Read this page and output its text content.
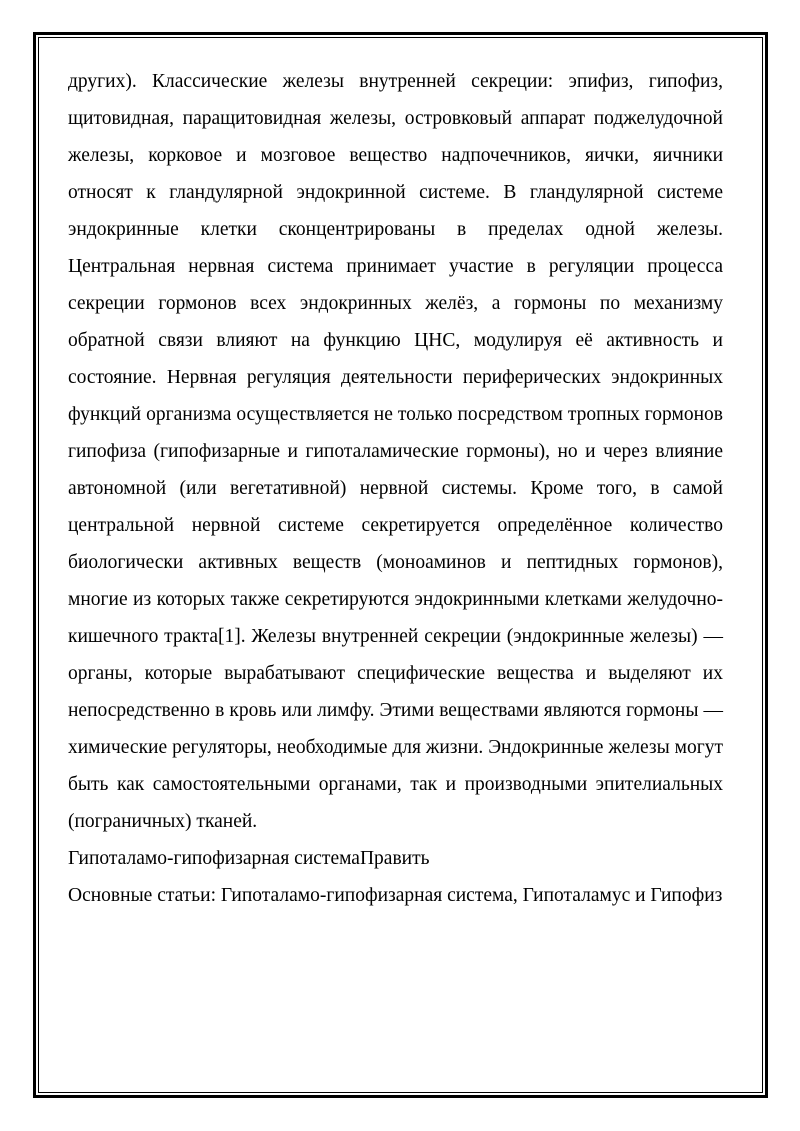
других). Классические железы внутренней секреции: эпифиз, гипофиз, щитовидная, паращитовидная железы, островковый аппарат поджелудочной железы, корковое и мозговое вещество надпочечников, яички, яичники относят к гландулярной эндокринной системе. В гландулярной системе эндокринные клетки сконцентрированы в пределах одной железы. Центральная нервная система принимает участие в регуляции процесса секреции гормонов всех эндокринных желёз, а гормоны по механизму обратной связи влияют на функцию ЦНС, модулируя её активность и состояние. Нервная регуляция деятельности периферических эндокринных функций организма осуществляется не только посредством тропных гормонов гипофиза (гипофизарные и гипоталамические гормоны), но и через влияние автономной (или вегетативной) нервной системы. Кроме того, в самой центральной нервной системе секретируется определённое количество биологически активных веществ (моноаминов и пептидных гормонов), многие из которых также секретируются эндокринными клетками желудочно-кишечного тракта[1]. Железы внутренней секреции (эндокринные железы) — органы, которые вырабатывают специфические вещества и выделяют их непосредственно в кровь или лимфу. Этими веществами являются гормоны — химические регуляторы, необходимые для жизни. Эндокринные железы могут быть как самостоятельными органами, так и производными эпителиальных (пограничных) тканей.

Гипоталамо-гипофизарная системаПравить

Основные статьи: Гипоталамо-гипофизарная система, Гипоталамус и Гипофиз
